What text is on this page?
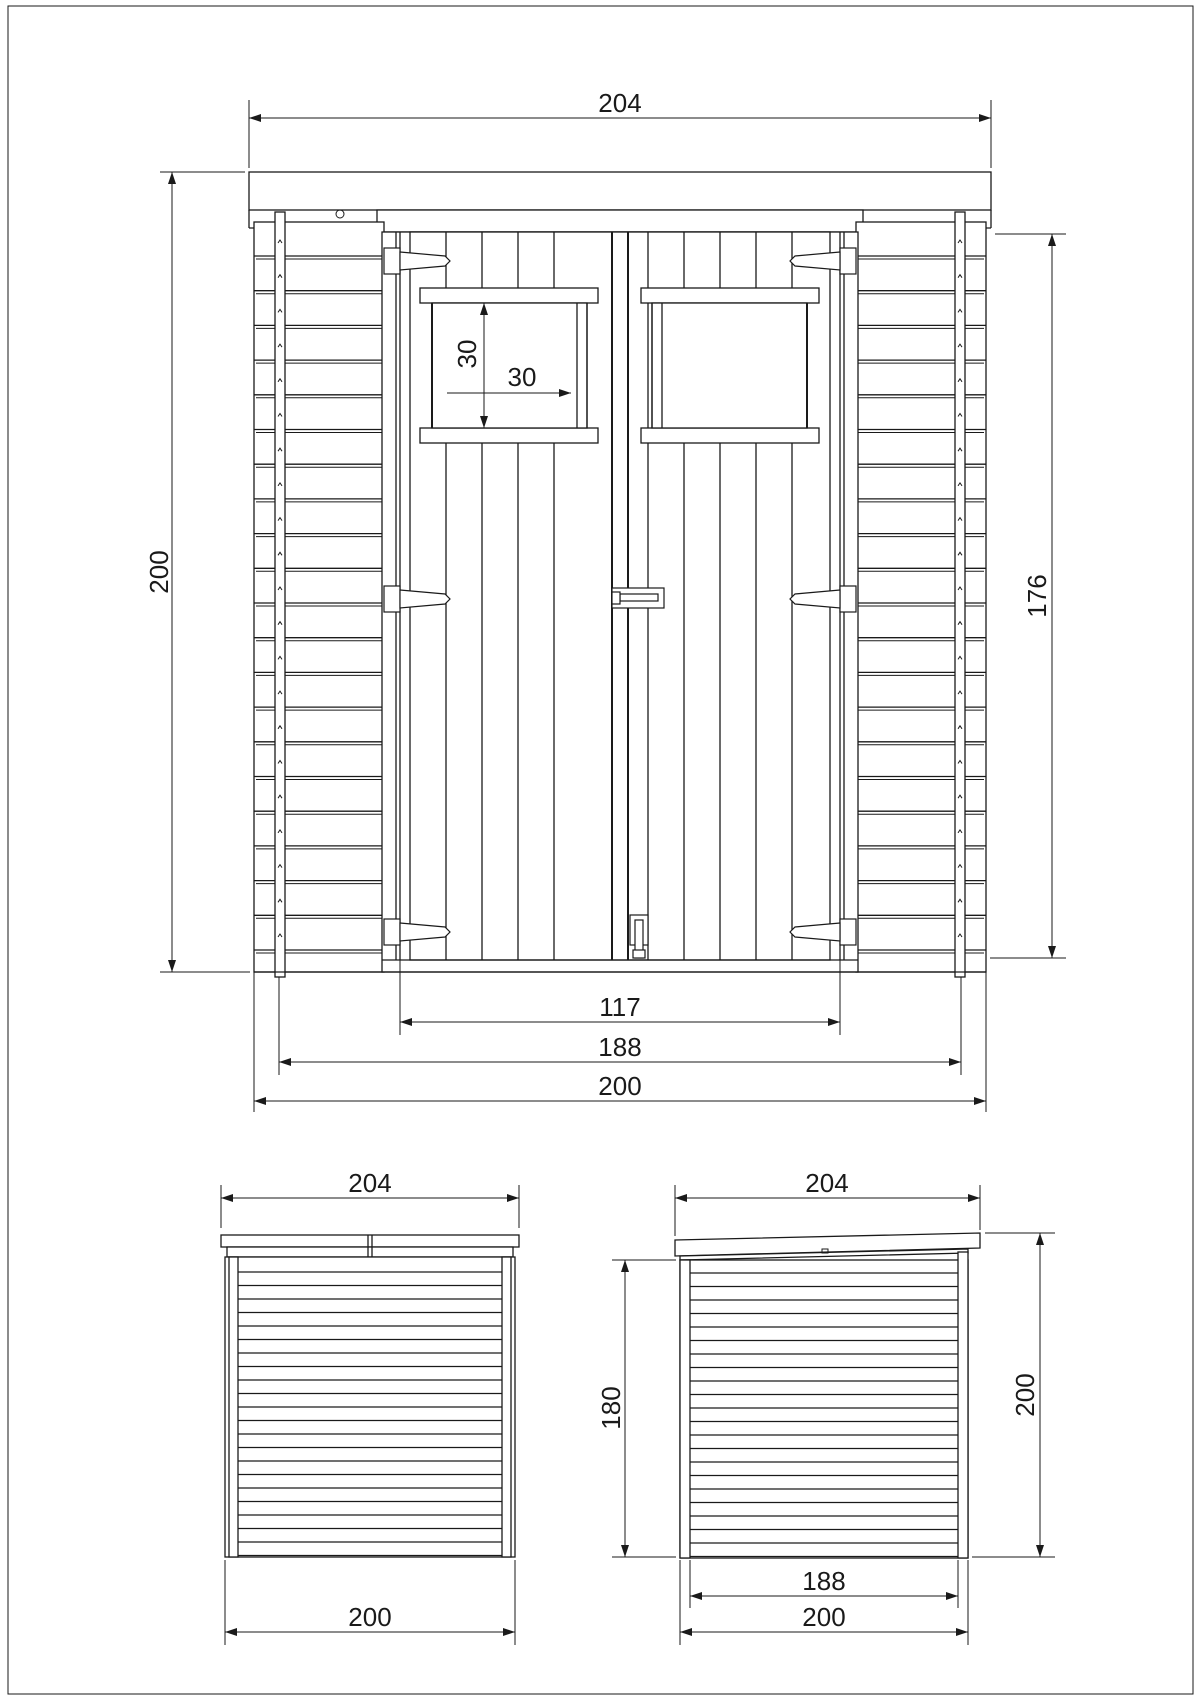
204
200
176
30
30
117
188
200
204
200
204
180	200
188
200
